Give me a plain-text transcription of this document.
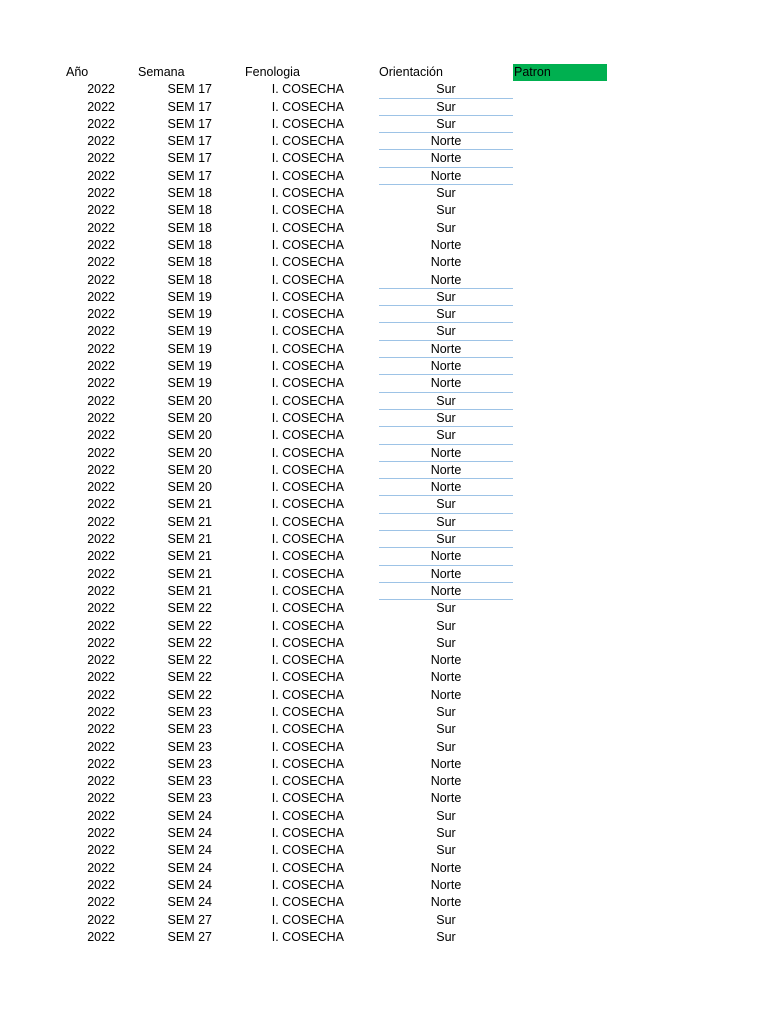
Año	Semana	Fenologia	Orientación	Patron
2022	SEM 17	I. COSECHA	Sur
2022	SEM 17	I. COSECHA	Sur
2022	SEM 17	I. COSECHA	Sur
2022	SEM 17	I. COSECHA	Norte
2022	SEM 17	I. COSECHA	Norte
2022	SEM 17	I. COSECHA	Norte
2022	SEM 18	I. COSECHA	Sur
2022	SEM 18	I. COSECHA	Sur
2022	SEM 18	I. COSECHA	Sur
2022	SEM 18	I. COSECHA	Norte
2022	SEM 18	I. COSECHA	Norte
2022	SEM 18	I. COSECHA	Norte
2022	SEM 19	I. COSECHA	Sur
2022	SEM 19	I. COSECHA	Sur
2022	SEM 19	I. COSECHA	Sur
2022	SEM 19	I. COSECHA	Norte
2022	SEM 19	I. COSECHA	Norte
2022	SEM 19	I. COSECHA	Norte
2022	SEM 20	I. COSECHA	Sur
2022	SEM 20	I. COSECHA	Sur
2022	SEM 20	I. COSECHA	Sur
2022	SEM 20	I. COSECHA	Norte
2022	SEM 20	I. COSECHA	Norte
2022	SEM 20	I. COSECHA	Norte
2022	SEM 21	I. COSECHA	Sur
2022	SEM 21	I. COSECHA	Sur
2022	SEM 21	I. COSECHA	Sur
2022	SEM 21	I. COSECHA	Norte
2022	SEM 21	I. COSECHA	Norte
2022	SEM 21	I. COSECHA	Norte
2022	SEM 22	I. COSECHA	Sur
2022	SEM 22	I. COSECHA	Sur
2022	SEM 22	I. COSECHA	Sur
2022	SEM 22	I. COSECHA	Norte
2022	SEM 22	I. COSECHA	Norte
2022	SEM 22	I. COSECHA	Norte
2022	SEM 23	I. COSECHA	Sur
2022	SEM 23	I. COSECHA	Sur
2022	SEM 23	I. COSECHA	Sur
2022	SEM 23	I. COSECHA	Norte
2022	SEM 23	I. COSECHA	Norte
2022	SEM 23	I. COSECHA	Norte
2022	SEM 24	I. COSECHA	Sur
2022	SEM 24	I. COSECHA	Sur
2022	SEM 24	I. COSECHA	Sur
2022	SEM 24	I. COSECHA	Norte
2022	SEM 24	I. COSECHA	Norte
2022	SEM 24	I. COSECHA	Norte
2022	SEM 27	I. COSECHA	Sur
2022	SEM 27	I. COSECHA	Sur
